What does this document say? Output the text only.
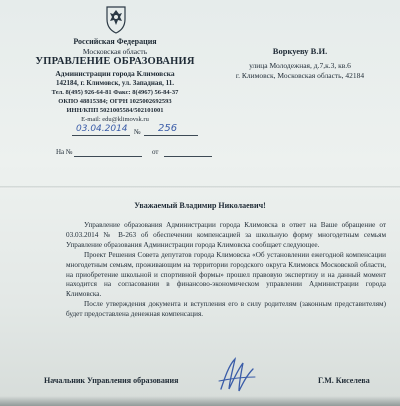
Российская Федерация
Московская область
УПРАВЛЕНИЕ ОБРАЗОВАНИЯ
Администрации города Климовска
142184, г. Климовск, ул. Западная, 11.
Тел. 8(495) 926-64-81 Факс: 8(4967) 56-84-37
ОКПО 48815384; ОГРН 1025002692593
ИНН/КПП 5021005584/502101001
E-mail: edu@klimovsk.ru
№
03.04.2014	256
На №	от
Воркуеву В.И.
улица Молодежная, д.7,к.3, кв.6
г. Климовск, Московская область, 42184
Уважаемый Владимир Николаевич!

Управление образования Администрации города Климовска в ответ на Ваше обращение от 03.03.2014 № В-263 об обеспечении компенсацией за школьную форму многодетным семьям Управление образования Администрации города Климовска сообщает следующее.

Проект Решения Совета депутатов города Климовска «Об установлении ежегодной компенсации многодетным семьям, проживающим на территории городского округа Климовск Московской области, на приобретение школьной и спортивной формы» прошел правовую экспертизу и на данный момент находится на согласовании в финансово-экономическом управлении Администрации города Климовска.

После утверждения документа и вступления его в силу родителям (законным представителям) будет предоставлена денежная компенсация.

Начальник Управления образования	Г.М. Киселева
